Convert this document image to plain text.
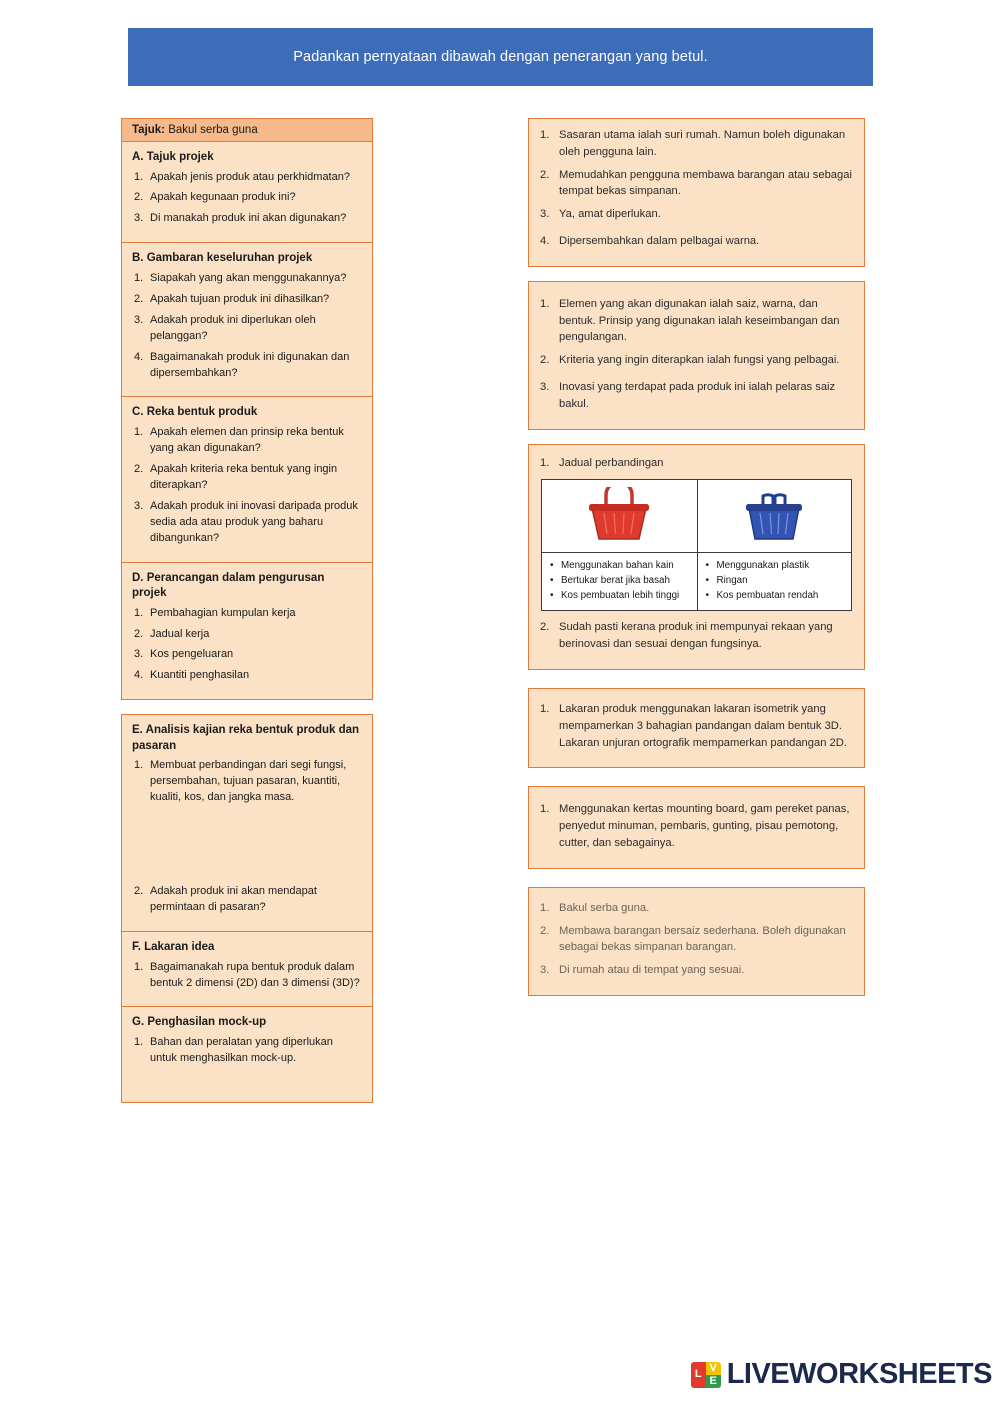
Padankan pernyataan dibawah dengan penerangan yang betul.
Tajuk: Bakul serba guna
A. Tajuk projek
1. Apakah jenis produk atau perkhidmatan?
2. Apakah kegunaan produk ini?
3. Di manakah produk ini akan digunakan?
B. Gambaran keseluruhan projek
1. Siapakah yang akan menggunakannya?
2. Apakah tujuan produk ini dihasilkan?
3. Adakah produk ini diperlukan oleh pelanggan?
4. Bagaimanakah produk ini digunakan dan dipersembahkan?
C. Reka bentuk produk
1. Apakah elemen dan prinsip reka bentuk yang akan digunakan?
2. Apakah kriteria reka bentuk yang ingin diterapkan?
3. Adakah produk ini inovasi daripada produk sedia ada atau produk yang baharu dibangunkan?
D. Perancangan dalam pengurusan projek
1. Pembahagian kumpulan kerja
2. Jadual kerja
3. Kos pengeluaran
4. Kuantiti penghasilan
E. Analisis kajian reka bentuk produk dan pasaran
1. Membuat perbandingan dari segi fungsi, persembahan, tujuan pasaran, kuantiti, kualiti, kos, dan jangka masa.
2. Adakah produk ini akan mendapat permintaan di pasaran?
F. Lakaran idea
1. Bagaimanakah rupa bentuk produk dalam bentuk 2 dimensi (2D) dan 3 dimensi (3D)?
G. Penghasilan mock-up
1. Bahan dan peralatan yang diperlukan untuk menghasilkan mock-up.
1. Sasaran utama ialah suri rumah. Namun boleh digunakan oleh pengguna lain.
2. Memudahkan pengguna membawa barangan atau sebagai tempat bekas simpanan.
3. Ya, amat diperlukan.
4. Dipersembahkan dalam pelbagai warna.
1. Elemen yang akan digunakan ialah saiz, warna, dan bentuk. Prinsip yang digunakan ialah keseimbangan dan pengulangan.
2. Kriteria yang ingin diterapkan ialah fungsi yang pelbagai.
3. Inovasi yang terdapat pada produk ini ialah pelaras saiz bakul.
1. Jadual perbandingan
• Menggunakan bahan kain
• Bertukar berat jika basah
• Kos pembuatan lebih tinggi
• Menggunakan plastik
• Ringan
• Kos pembuatan rendah
2. Sudah pasti kerana produk ini mempunyai rekaan yang berinovasi dan sesuai dengan fungsinya.
1. Lakaran produk menggunakan lakaran isometrik yang mempamerkan 3 bahagian pandangan dalam bentuk 3D. Lakaran unjuran ortografik mempamerkan pandangan 2D.
1. Menggunakan kertas mounting board, gam pereket panas, penyedut minuman, pembaris, gunting, pisau pemotong, cutter, dan sebagainya.
1. Bakul serba guna.
2. Membawa barangan bersaiz sederhana. Boleh digunakan sebagai bekas simpanan barangan.
3. Di rumah atau di tempat yang sesuai.
L
V
E LIVEWORKSHEETS
